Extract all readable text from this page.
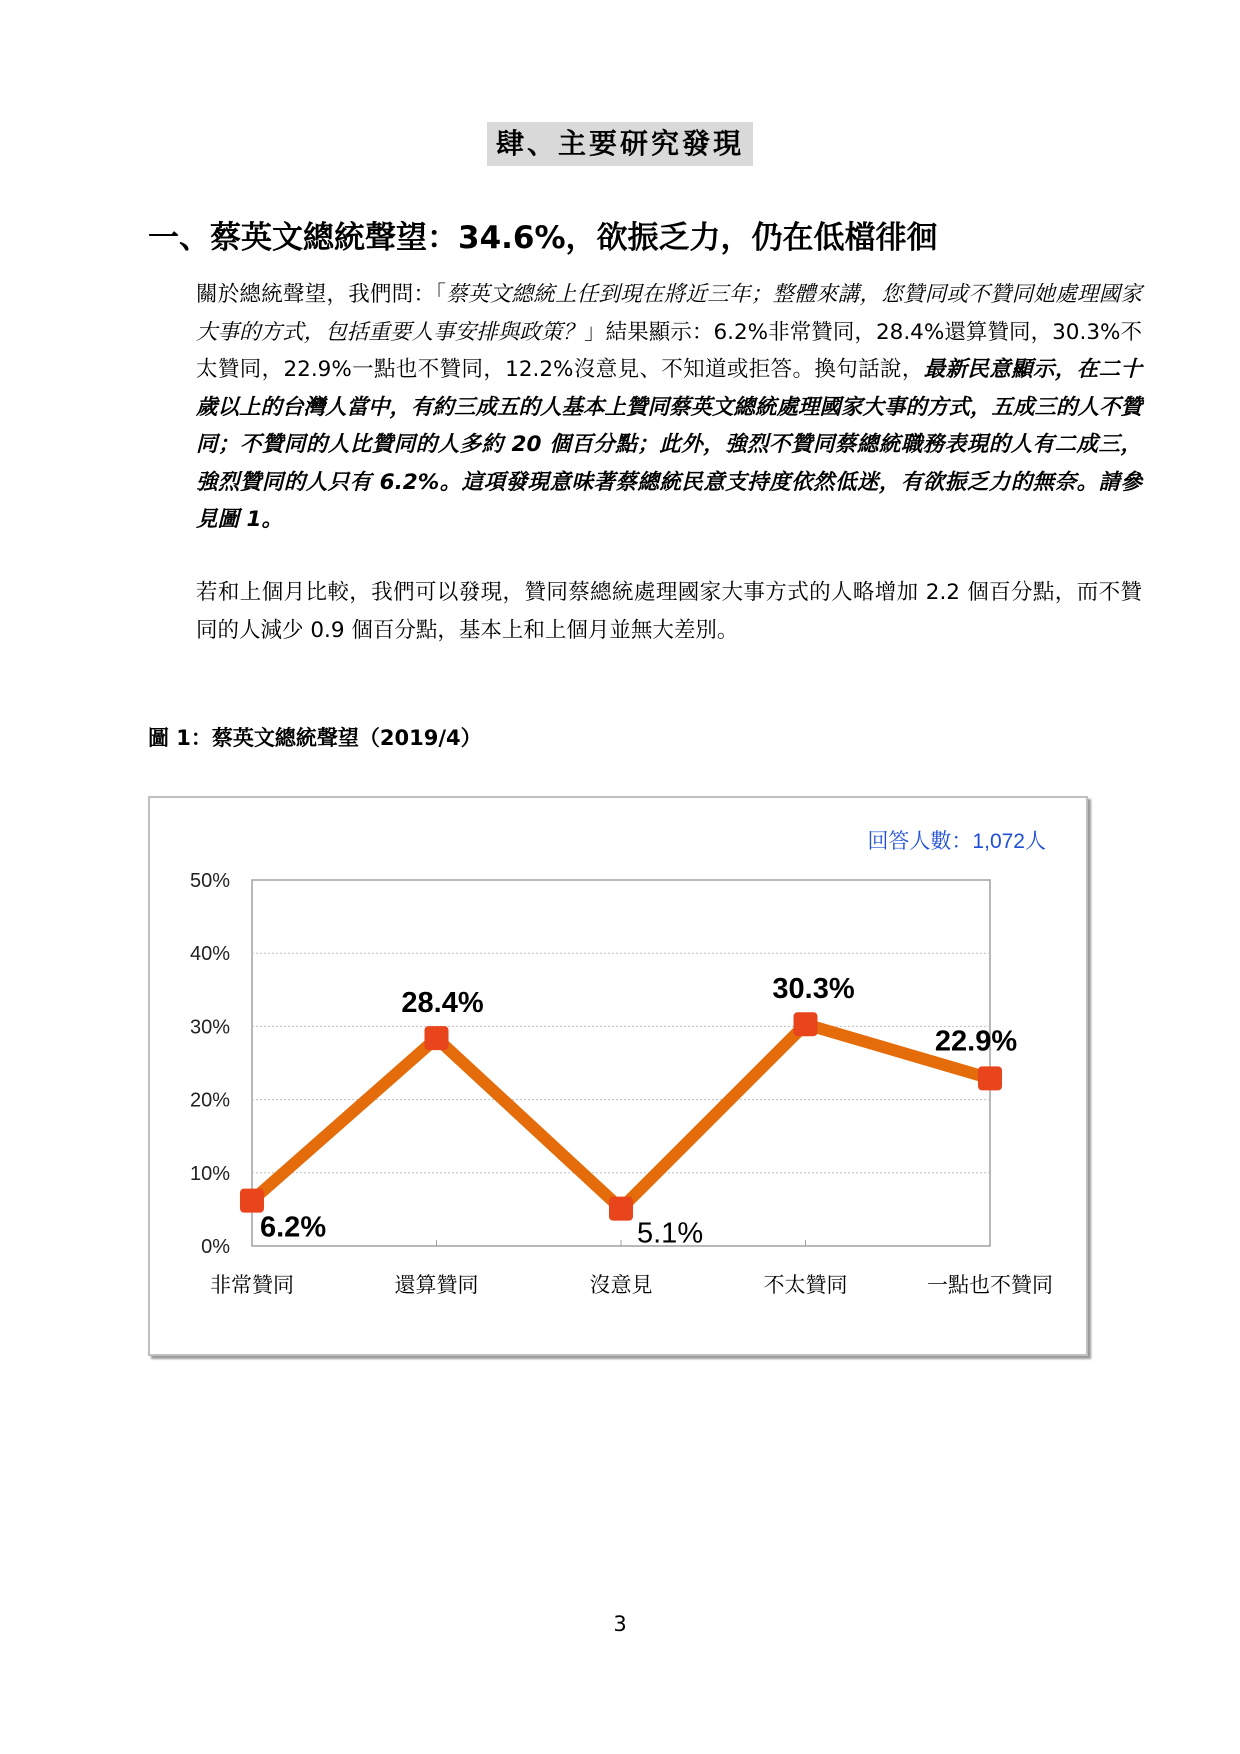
肆、主要研究發現
一、蔡英文總統聲望：34.6%，欲振乏力，仍在低檔徘徊
關於總統聲望，我們問：「蔡英文總統上任到現在將近三年；整體來講，您贊同或不贊同她處理國家大事的方式，包括重要人事安排與政策？」結果顯示：6.2%非常贊同，28.4%還算贊同，30.3%不太贊同，22.9%一點也不贊同，12.2%沒意見、不知道或拒答。換句話說，最新民意顯示，在二十歲以上的台灣人當中，有約三成五的人基本上贊同蔡英文總統處理國家大事的方式，五成三的人不贊同；不贊同的人比贊同的人多約 20 個百分點；此外，強烈不贊同蔡總統職務表現的人有二成三，強烈贊同的人只有 6.2%。這項發現意味著蔡總統民意支持度依然低迷，有欲振乏力的無奈。請參見圖 1。
若和上個月比較，我們可以發現，贊同蔡總統處理國家大事方式的人略增加 2.2 個百分點，而不贊同的人減少 0.9 個百分點，基本上和上個月並無大差別。
圖 1：蔡英文總統聲望（2019/4）
0%
10%
20%
30%
40%
50%
非常贊同	還算贊同	沒意見	不太贊同	一點也不贊同
6.2%
28.4%
5.1%
30.3%
22.9%
回答人數：1,072人
3
